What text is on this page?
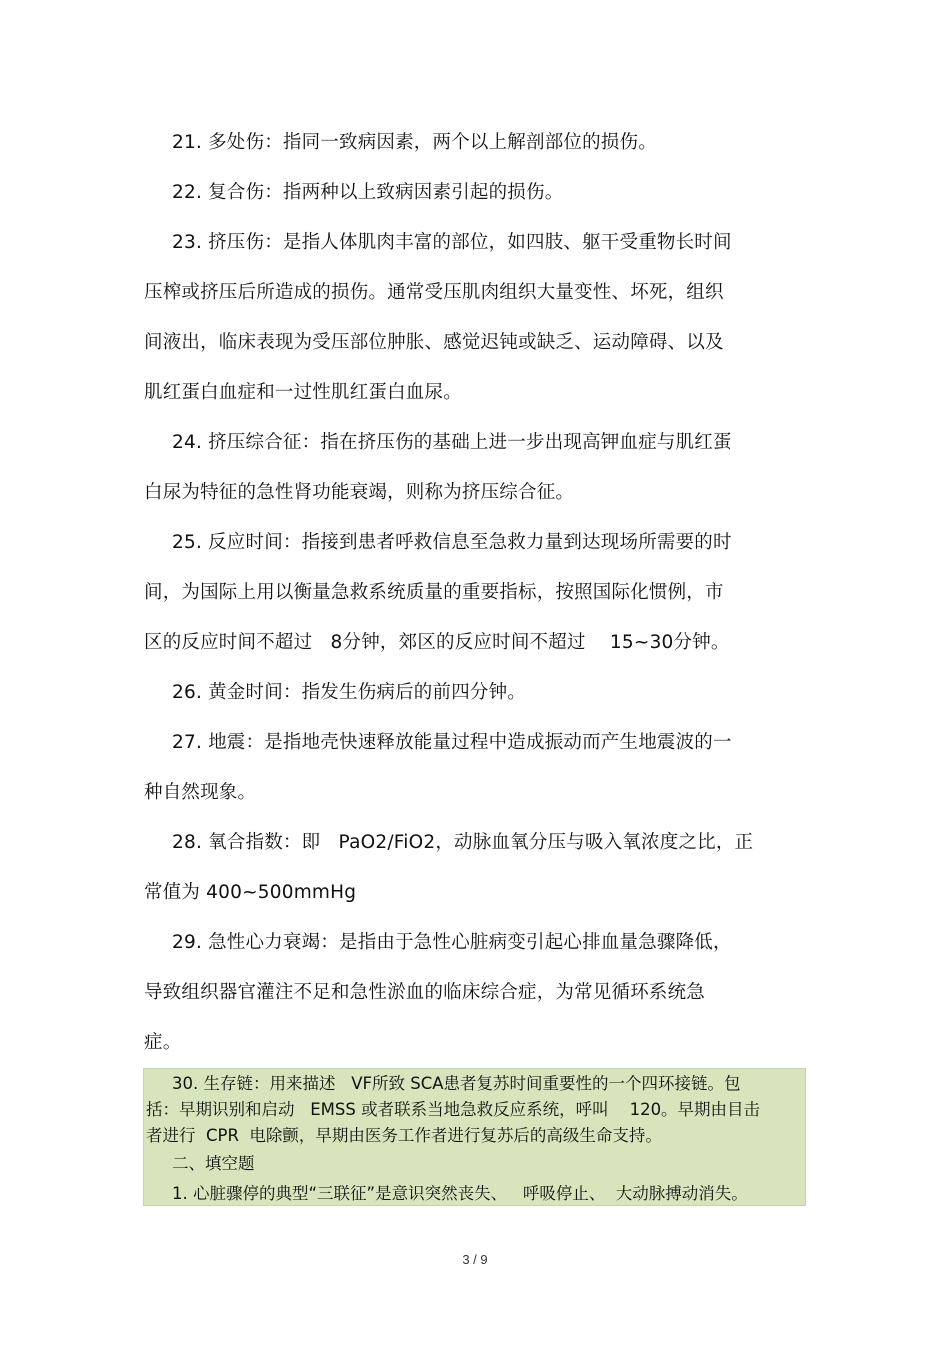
21. 多处伤：指同一致病因素，两个以上解剖部位的损伤。
22. 复合伤：指两种以上致病因素引起的损伤。
23. 挤压伤：是指人体肌肉丰富的部位，如四肢、躯干受重物长时间
压榨或挤压后所造成的损伤。通常受压肌肉组织大量变性、坏死，组织
间液出，临床表现为受压部位肿胀、感觉迟钝或缺乏、运动障碍、以及
肌红蛋白血症和一过性肌红蛋白血尿。
24. 挤压综合征：指在挤压伤的基础上进一步出现高钾血症与肌红蛋
白尿为特征的急性肾功能衰竭，则称为挤压综合征。
25. 反应时间：指接到患者呼救信息至急救力量到达现场所需要的时
间，为国际上用以衡量急救系统质量的重要指标，按照国际化惯例，市
区的反应时间不超过   8分钟，郊区的反应时间不超过    15~30分钟。
26. 黄金时间：指发生伤病后的前四分钟。
27. 地震：是指地壳快速释放能量过程中造成振动而产生地震波的一
种自然现象。
28. 氧合指数：即   PaO2/FiO2，动脉血氧分压与吸入氧浓度之比，正
常值为 400~500mmHg
29. 急性心力衰竭：是指由于急性心脏病变引起心排血量急骤降低，
导致组织器官灌注不足和急性淤血的临床综合症，为常见循环系统急
症。
30. 生存链：用来描述   VF所致 SCA患者复苏时间重要性的一个四环接链。包
括：早期识别和启动   EMSS 或者联系当地急救反应系统，呼叫    120。早期由目击
者进行  CPR  电除颤，早期由医务工作者进行复苏后的高级生命支持。
二、填空题
1. 心脏骤停的典型“三联征”是意识突然丧失、   呼吸停止、  大动脉搏动消失。
3 / 9
